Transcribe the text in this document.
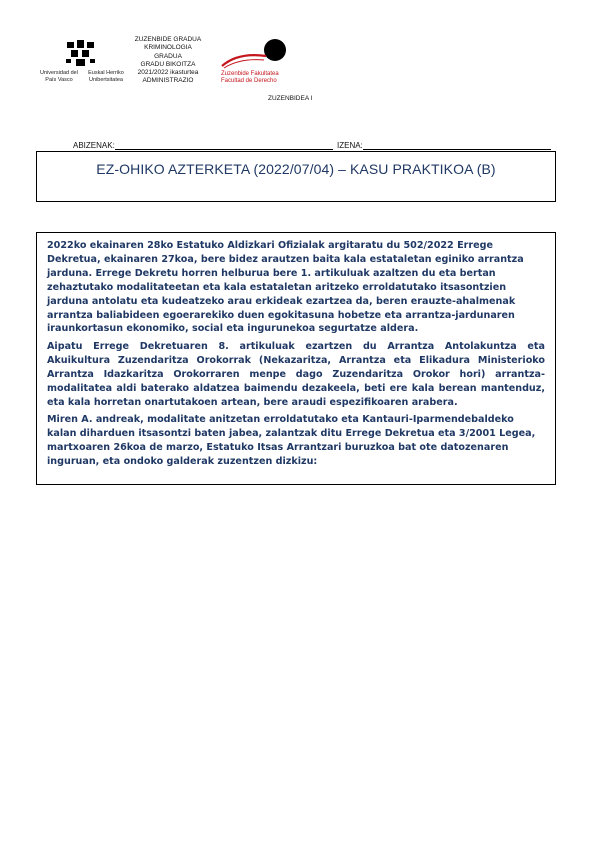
Universidad del País Vasco
Euskal Herriko Unibertsitatea
ZUZENBIDE GRADUA
KRIMINOLOGIA
GRADUA
GRADU BIKOITZA
2021/2022 ikasturtea
ADMINISTRAZIO
Zuzenbide Fakultatea
Facultad de Derecho
ZUZENBIDEA I
ABIZENAK:	IZENA:
EZ-OHIKO AZTERKETA (2022/07/04) – KASU PRAKTIKOA (B)
2022ko ekainaren 28ko Estatuko Aldizkari Ofizialak argitaratu du 502/2022 Errege Dekretua, ekainaren 27koa, bere bidez arautzen baita kala estataletan eginiko arrantza jarduna. Errege Dekretu horren helburua bere 1. artikuluak azaltzen du eta bertan zehaztutako modalitateetan eta kala estataletan aritzeko erroldatutako itsasontzien jarduna antolatu eta kudeatzeko arau erkideak ezartzea da, beren erauzte-ahalmenak arrantza baliabideen egoerarekiko duen egokitasuna hobetze eta arrantza-jardunaren iraunkortasun ekonomiko, social eta ingurunekoa segurtatze aldera.
Aipatu Errege Dekretuaren 8. artikuluak ezartzen du Arrantza Antolakuntza eta Akuikultura Zuzendaritza Orokorrak (Nekazaritza, Arrantza eta Elikadura Ministerioko Arrantza Idazkaritza Orokorraren menpe dago Zuzendaritza Orokor hori) arrantza-modalitatea aldi baterako aldatzea baimendu dezakeela, beti ere kala berean mantenduz, eta kala horretan onartutakoen artean, bere araudi espezifikoaren arabera.
Miren A. andreak, modalitate anitzetan erroldatutako eta Kantauri-Iparmendebaldeko kalan diharduen itsasontzi baten jabea, zalantzak ditu Errege Dekretua eta 3/2001 Legea, martxoaren 26koa de marzo, Estatuko Itsas Arrantzari buruzkoa bat ote datozenaren inguruan, eta ondoko galderak zuzentzen dizkizu:
